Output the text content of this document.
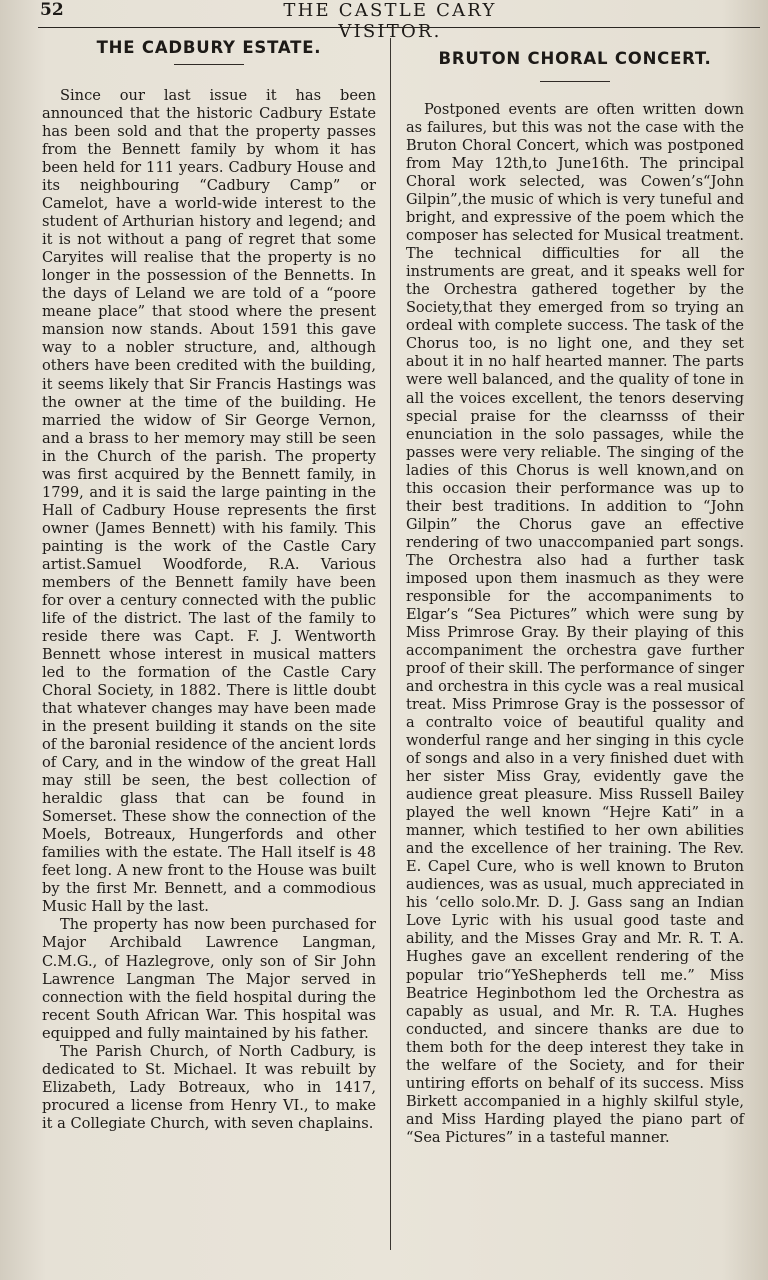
52	THE CASTLE CARY VISITOR.
THE CADBURY ESTATE.

Since our last issue it has been announced that the historic Cadbury Estate has been sold and that the property passes from the Bennett family by whom it has been held for 111 years. Cadbury House and its neighbouring “Cadbury Camp” or Camelot, have a world-wide interest to the student of Arthurian history and legend; and it is not without a pang of regret that some Caryites will realise that the property is no longer in the possession of the Bennetts. In the days of Leland we are told of a “poore meane place” that stood where the present mansion now stands. About 1591 this gave way to a nobler structure, and, although others have been credited with the building, it seems likely that Sir Francis Hastings was the owner at the time of the building. He married the widow of Sir George Vernon, and a brass to her memory may still be seen in the Church of the parish. The property was first acquired by the Bennett family, in 1799, and it is said the large painting in the Hall of Cadbury House represents the first owner (James Bennett) with his family. This painting is the work of the Castle Cary artist.Samuel Woodforde, R.A. Various members of the Bennett family have been for over a century connected with the public life of the district. The last of the family to reside there was Capt. F. J. Wentworth Bennett whose interest in musical matters led to the formation of the Castle Cary Choral Society, in 1882. There is little doubt that whatever changes may have been made in the present building it stands on the site of the baronial residence of the ancient lords of Cary, and in the window of the great Hall may still be seen, the best collection of heraldic glass that can be found in Somerset. These show the connection of the Moels, Botreaux, Hungerfords and other families with the estate. The Hall itself is 48 feet long. A new front to the House was built by the first Mr. Bennett, and a commodious Music Hall by the last.

The property has now been purchased for Major Archibald Lawrence Langman, C.M.G., of Hazlegrove, only son of Sir John Lawrence Langman The Major served in connection with the field hospital during the recent South African War. This hospital was equipped and fully maintained by his father.

The Parish Church, of North Cadbury, is dedicated to St. Michael. It was rebuilt by Elizabeth, Lady Botreaux, who in 1417, procured a license from Henry VI., to make it a Collegiate Church, with seven chaplains.

BRUTON CHORAL CONCERT.

Postponed events are often written down as failures, but this was not the case with the Bruton Choral Concert, which was postponed from May 12th,to June16th. The principal Choral work selected, was Cowen’s“John Gilpin”,the music of which is very tuneful and bright, and expressive of the poem which the composer has selected for Musical treatment. The technical difficulties for all the instruments are great, and it speaks well for the Orchestra gathered together by the Society,that they emerged from so trying an ordeal with complete success. The task of the Chorus too, is no light one, and they set about it in no half hearted manner. The parts were well balanced, and the quality of tone in all the voices excellent, the tenors deserving special praise for the clearnsss of their enunciation in the solo passages, while the passes were very reliable. The singing of the ladies of this Chorus is well known,and on this occasion their performance was up to their best traditions. In addition to “John Gilpin” the Chorus gave an effective rendering of two unaccompanied part songs. The Orchestra also had a further task imposed upon them inasmuch as they were responsible for the accompaniments to Elgar’s “Sea Pictures” which were sung by Miss Primrose Gray. By their playing of this accompaniment the orchestra gave further proof of their skill. The performance of singer and orchestra in this cycle was a real musical treat. Miss Primrose Gray is the possessor of a contralto voice of beautiful quality and wonderful range and her singing in this cycle of songs and also in a very finished duet with her sister Miss Gray, evidently gave the audience great pleasure. Miss Russell Bailey played the well known “Hejre Kati” in a manner, which testified to her own abilities and the excellence of her training. The Rev. E. Capel Cure, who is well known to Bruton audiences, was as usual, much appreciated in his ‘cello solo.Mr. D. J. Gass sang an Indian Love Lyric with his usual good taste and ability, and the Misses Gray and Mr. R. T. A. Hughes gave an excellent rendering of the popular trio“YeShepherds tell me.” Miss Beatrice Heginbothom led the Orchestra as capably as usual, and Mr. R. T.A. Hughes conducted, and sincere thanks are due to them both for the deep interest they take in the welfare of the Society, and for their untiring efforts on behalf of its success. Miss Birkett accompanied in a highly skilful style, and Miss Harding played the piano part of “Sea Pictures” in a tasteful manner.
